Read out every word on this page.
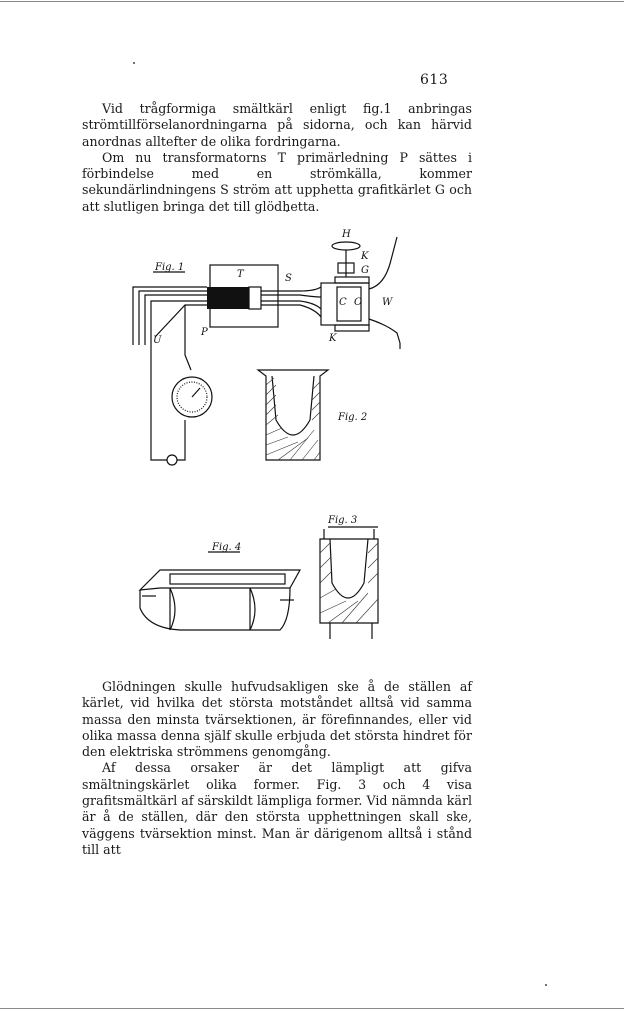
613

Vid trågformiga smältkärl enligt fig.1 anbringas strömtillförselanordningarna på sidorna, och kan härvid anordnas alltefter de olika fordringarna.

Om nu transformatorns T primärledning P sättes i förbindelse med en strömkälla, kommer sekundärlindningens S ström att upphetta grafitkärlet G och att slutligen bringa det till glödhetta.

Fig. 1
T	S
U
P
C O
H
K
G
K
W
Fig. 2
Fig. 3
Fig. 4

Glödningen skulle hufvudsakligen ske å de ställen af kärlet, vid hvilka det största motståndet alltså vid samma massa den minsta tvärsektionen, är förefinnandes, eller vid olika massa denna själf skulle erbjuda det största hindret för den elektriska strömmens genomgång.

Af dessa orsaker är det lämpligt att gifva smältningskärlet olika former. Fig. 3 och 4 visa grafitsmältkärl af särskildt lämpliga former. Vid nämnda kärl är å de ställen, där den största upphettningen skall ske, väggens tvärsektion minst. Man är därigenom alltså i stånd till att
